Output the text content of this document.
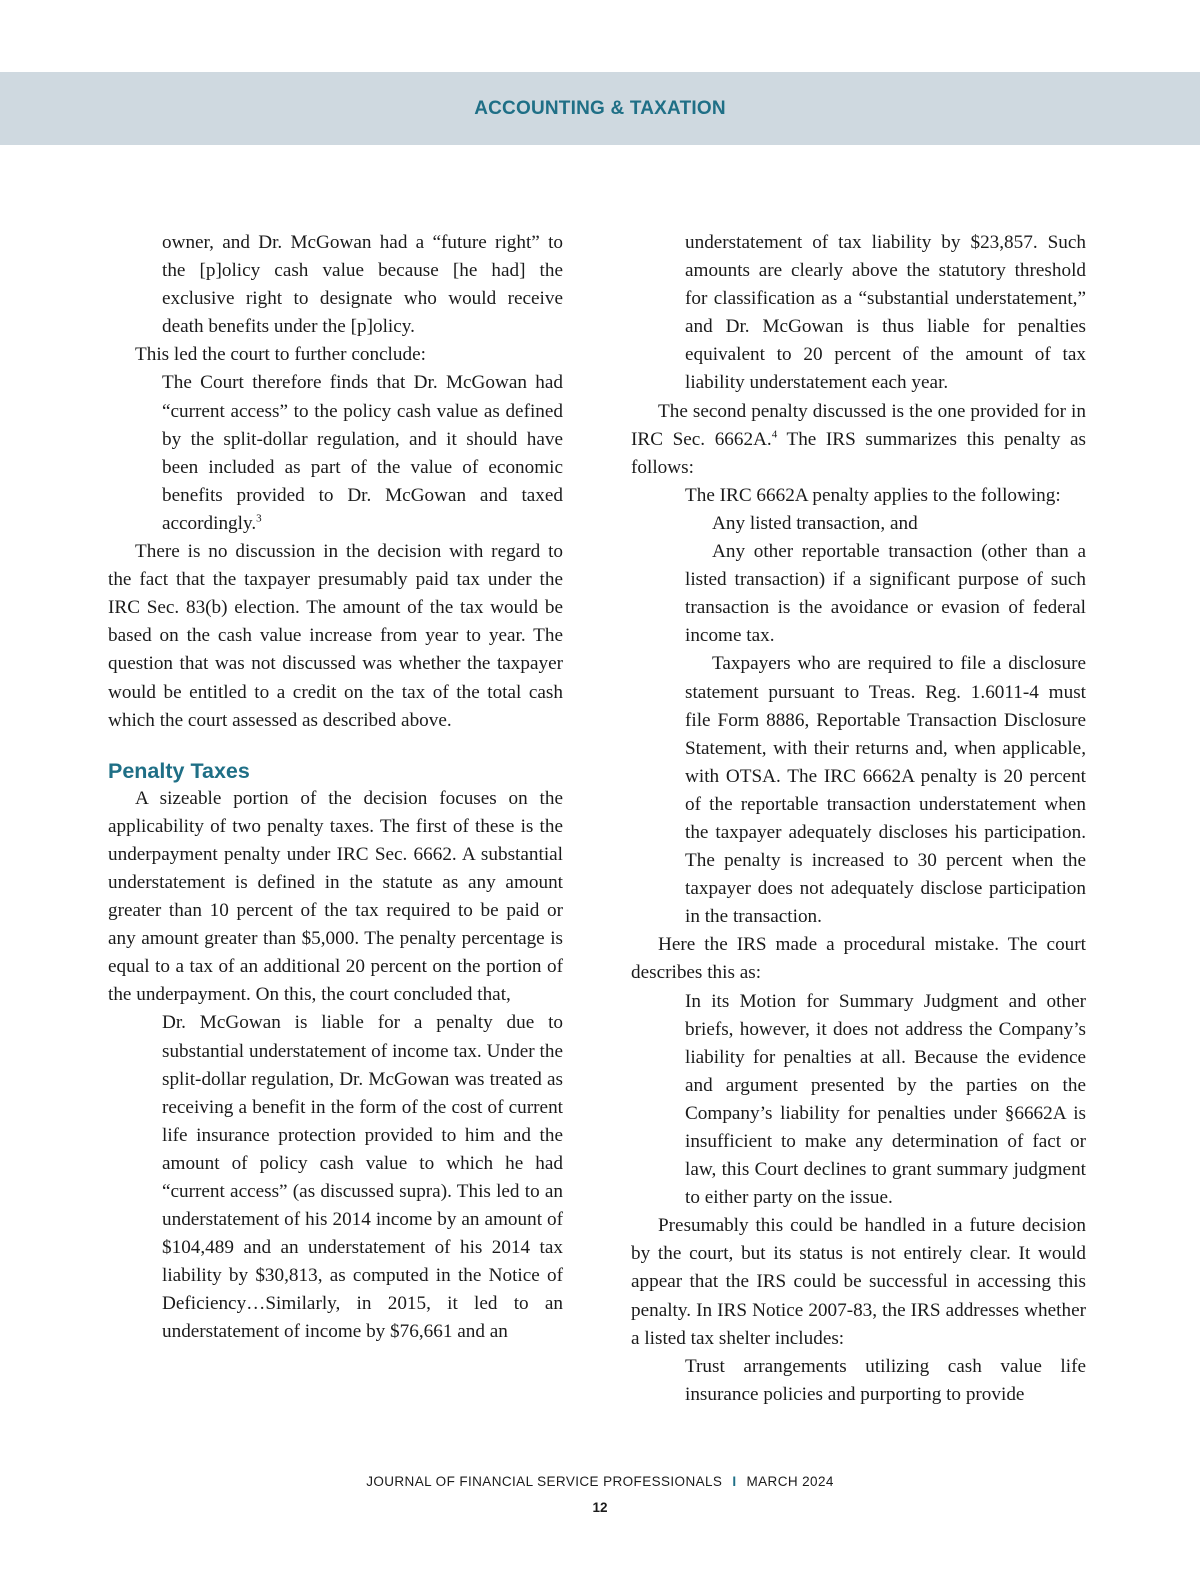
ACCOUNTING & TAXATION

owner, and Dr. McGowan had a “future right” to the [p]olicy cash value because [he had] the exclusive right to designate who would receive death benefits under the [p]olicy.

This led the court to further conclude:

The Court therefore finds that Dr. McGowan had “current access” to the policy cash value as defined by the split-dollar regulation, and it should have been included as part of the value of economic benefits provided to Dr. McGowan and taxed accordingly.$^3$

There is no discussion in the decision with regard to the fact that the taxpayer presumably paid tax under the IRC Sec. 83(b) election. The amount of the tax would be based on the cash value increase from year to year. The question that was not discussed was whether the taxpayer would be entitled to a credit on the tax of the total cash which the court assessed as described above.

Penalty Taxes

A sizeable portion of the decision focuses on the applicability of two penalty taxes. The first of these is the underpayment penalty under IRC Sec. 6662. A substantial understatement is defined in the statute as any amount greater than 10 percent of the tax required to be paid or any amount greater than $5,000. The penalty percentage is equal to a tax of an additional 20 percent on the portion of the underpayment. On this, the court concluded that,

Dr. McGowan is liable for a penalty due to substantial understatement of income tax. Under the split-dollar regulation, Dr. McGowan was treated as receiving a benefit in the form of the cost of current life insurance protection provided to him and the amount of policy cash value to which he had “current access” (as discussed supra). This led to an understatement of his 2014 income by an amount of $104,489 and an understatement of his 2014 tax liability by $30,813, as computed in the Notice of Deficiency…Similarly, in 2015, it led to an understatement of income by $76,661 and an

understatement of tax liability by $23,857. Such amounts are clearly above the statutory threshold for classification as a “substantial understatement,” and Dr. McGowan is thus liable for penalties equivalent to 20 percent of the amount of tax liability understatement each year.

The second penalty discussed is the one provided for in IRC Sec. 6662A.$^4$ The IRS summarizes this penalty as follows:

The IRC 6662A penalty applies to the following:

Any listed transaction, and

Any other reportable transaction (other than a listed transaction) if a significant purpose of such transaction is the avoidance or evasion of federal income tax.

Taxpayers who are required to file a disclosure statement pursuant to Treas. Reg. 1.6011-4 must file Form 8886, Reportable Transaction Disclosure Statement, with their returns and, when applicable, with OTSA. The IRC 6662A penalty is 20 percent of the reportable transaction understatement when the taxpayer adequately discloses his participation. The penalty is increased to 30 percent when the taxpayer does not adequately disclose participation in the transaction.

Here the IRS made a procedural mistake. The court describes this as:

In its Motion for Summary Judgment and other briefs, however, it does not address the Company’s liability for penalties at all. Because the evidence and argument presented by the parties on the Company’s liability for penalties under §6662A is insufficient to make any determination of fact or law, this Court declines to grant summary judgment to either party on the issue.

Presumably this could be handled in a future decision by the court, but its status is not entirely clear. It would appear that the IRS could be successful in accessing this penalty. In IRS Notice 2007-83, the IRS addresses whether a listed tax shelter includes:

Trust arrangements utilizing cash value life insurance policies and purporting to provide

JOURNAL OF FINANCIAL SERVICE PROFESSIONALS I MARCH 2024
12
